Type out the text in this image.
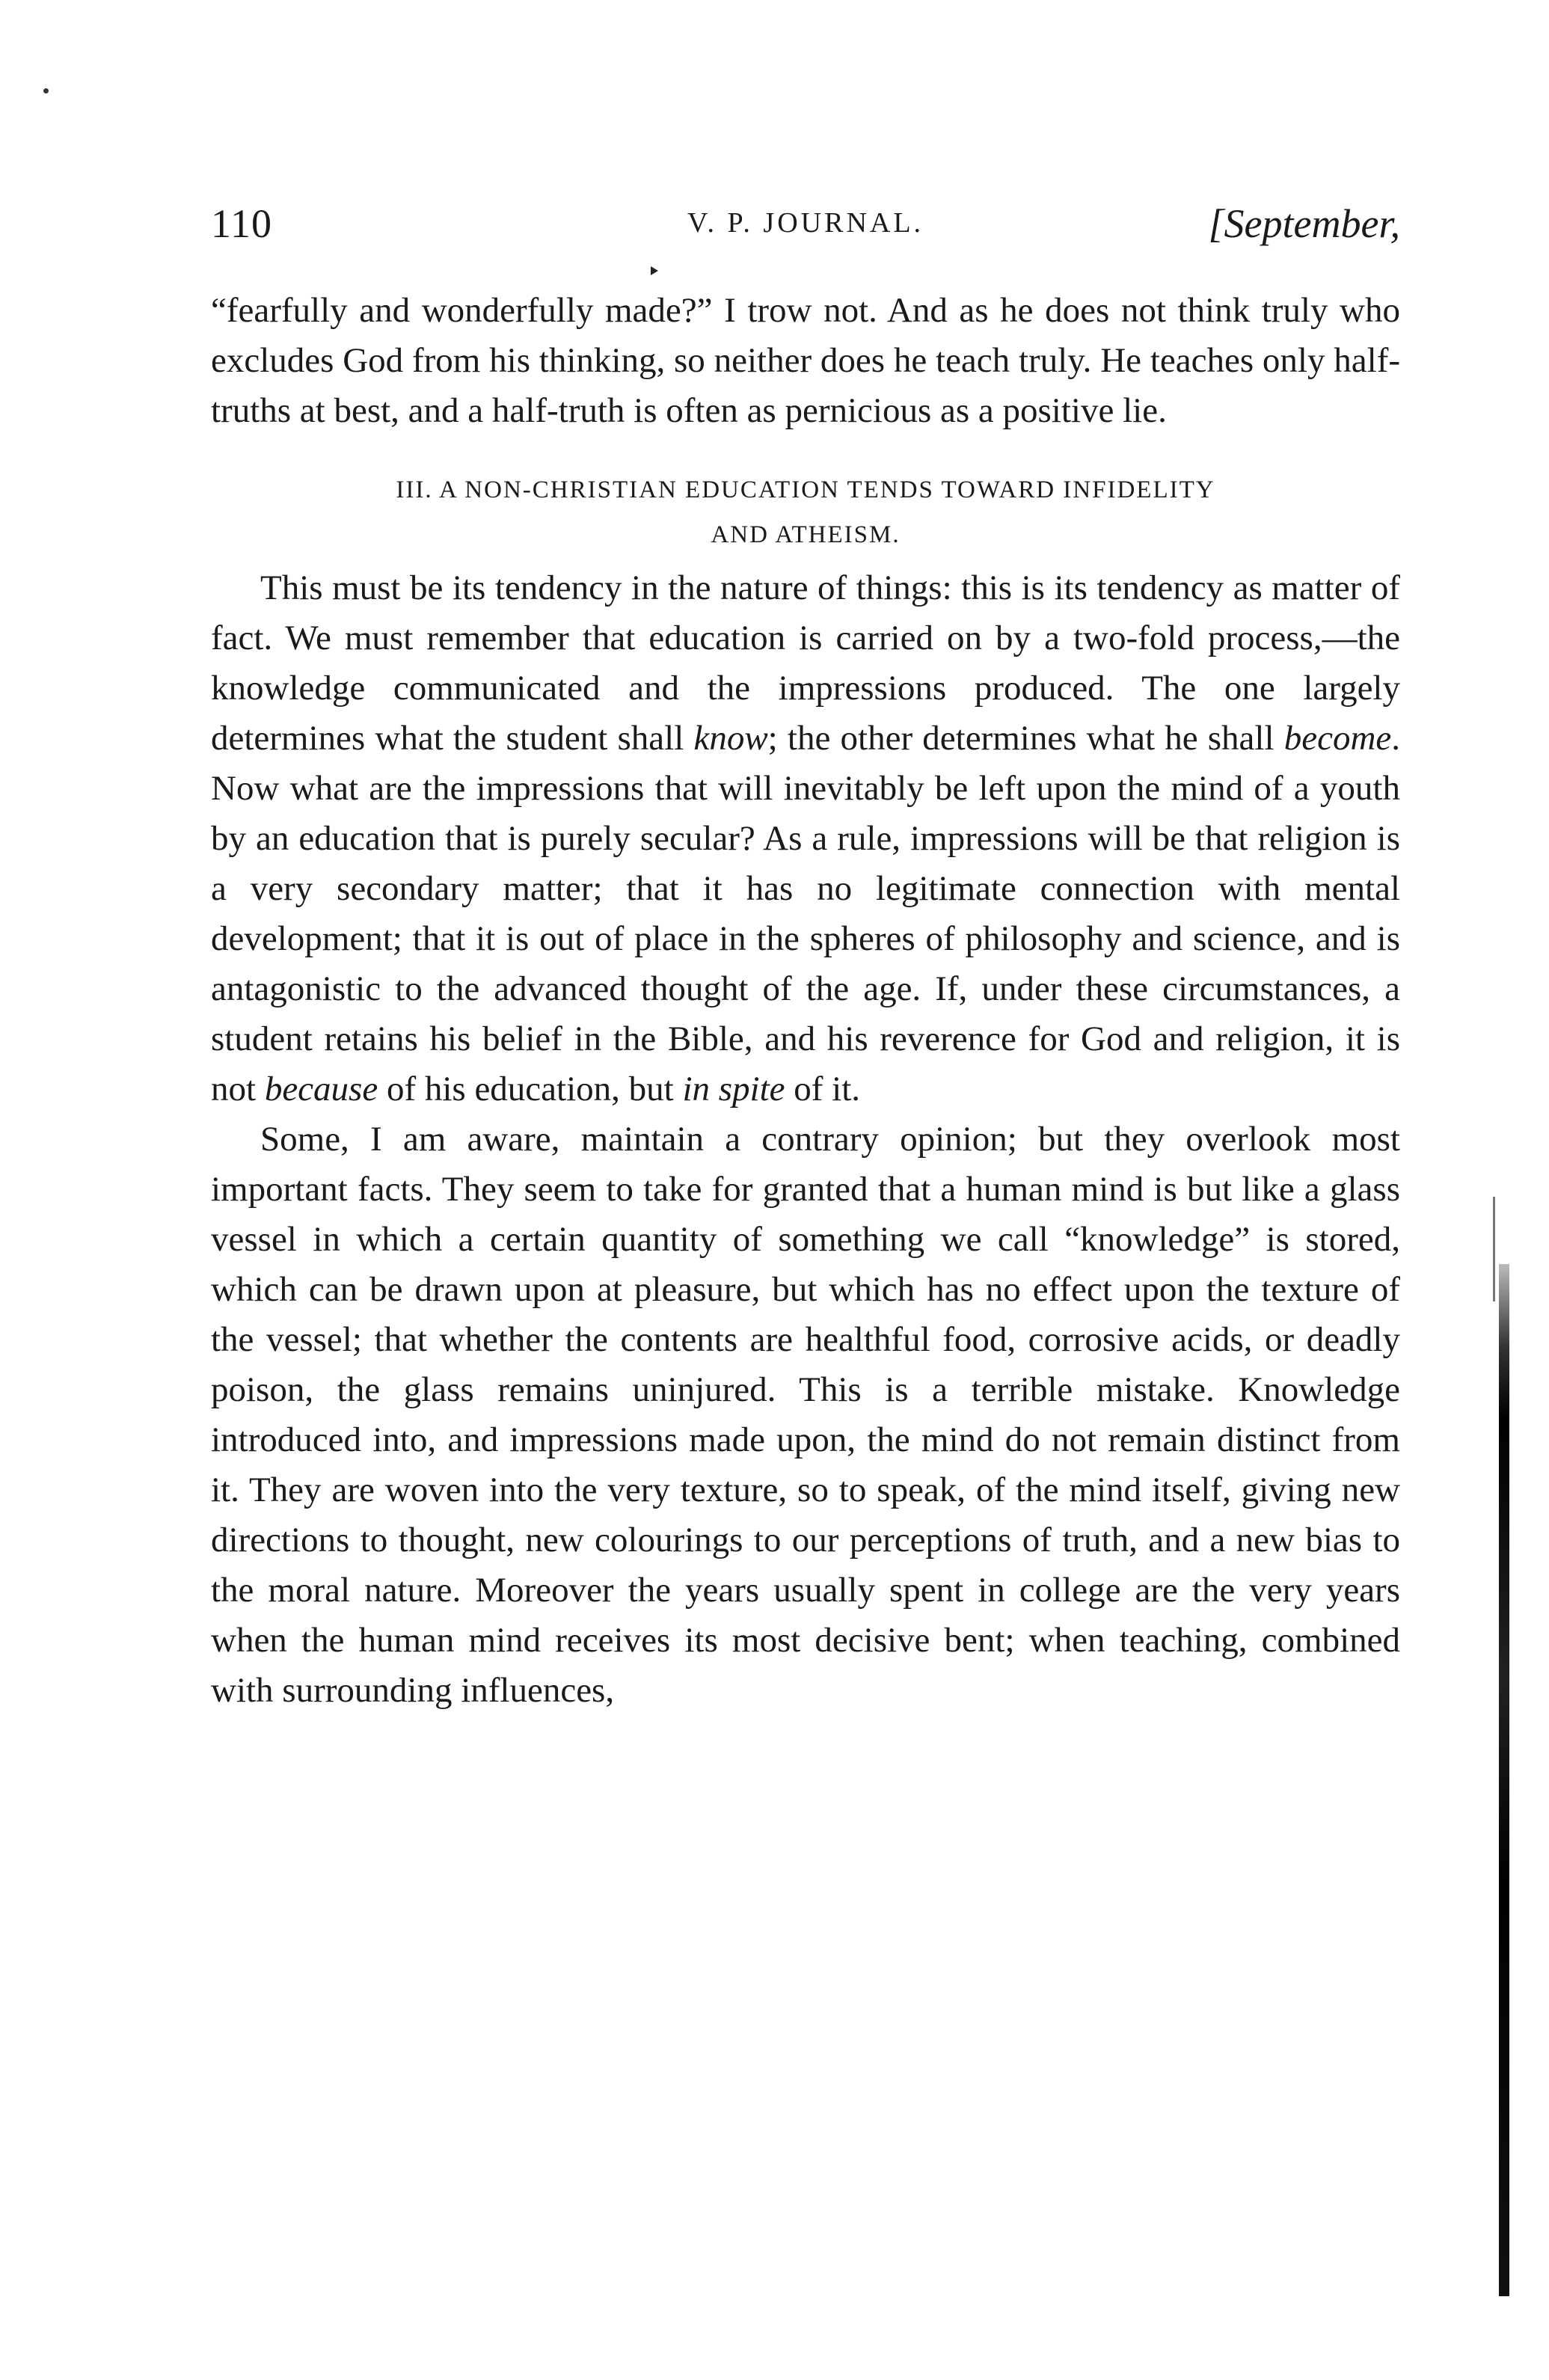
110	V. P. JOURNAL.	[September,

“fearfully and wonderfully made?” I trow not. And as he does not think truly who excludes God from his thinking, so neither does he teach truly. He teaches only half-truths at best, and a half-truth is often as pernicious as a positive lie.

III. A NON-CHRISTIAN EDUCATION TENDS TOWARD INFIDELITY
AND ATHEISM.

This must be its tendency in the nature of things: this is its tendency as matter of fact. We must remember that education is carried on by a two-fold process,—the knowledge communicated and the impressions produced. The one largely determines what the student shall know; the other determines what he shall become. Now what are the impressions that will inevitably be left upon the mind of a youth by an education that is purely secular? As a rule, impressions will be that religion is a very secondary matter; that it has no legitimate connection with mental development; that it is out of place in the spheres of philosophy and science, and is antagonistic to the advanced thought of the age. If, under these circumstances, a student retains his belief in the Bible, and his reverence for God and religion, it is not because of his education, but in spite of it.

Some, I am aware, maintain a contrary opinion; but they overlook most important facts. They seem to take for granted that a human mind is but like a glass vessel in which a certain quantity of something we call “knowledge” is stored, which can be drawn upon at pleasure, but which has no effect upon the texture of the vessel; that whether the contents are healthful food, corrosive acids, or deadly poison, the glass remains uninjured. This is a terrible mistake. Knowledge introduced into, and impressions made upon, the mind do not remain distinct from it. They are woven into the very texture, so to speak, of the mind itself, giving new directions to thought, new colourings to our perceptions of truth, and a new bias to the moral nature. Moreover the years usually spent in college are the very years when the human mind receives its most decisive bent; when teaching, combined with surrounding influences,
